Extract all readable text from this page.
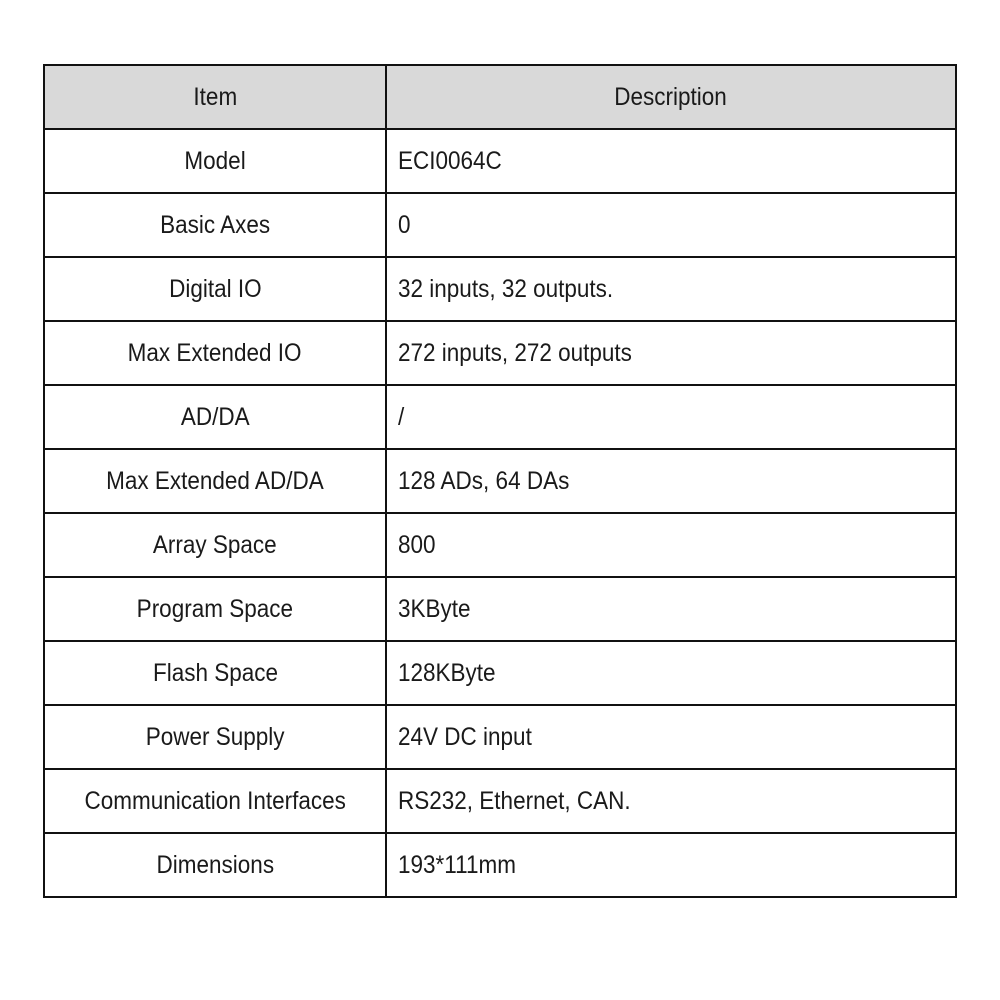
Item	Description
Model	ECI0064C
Basic Axes	0
Digital IO	32 inputs, 32 outputs.
Max Extended IO	272 inputs, 272 outputs
AD/DA	/
Max Extended AD/DA	128 ADs, 64 DAs
Array Space	800
Program Space	3KByte
Flash Space	128KByte
Power Supply	24V DC input
Communication Interfaces	RS232, Ethernet, CAN.
Dimensions	193*111mm
